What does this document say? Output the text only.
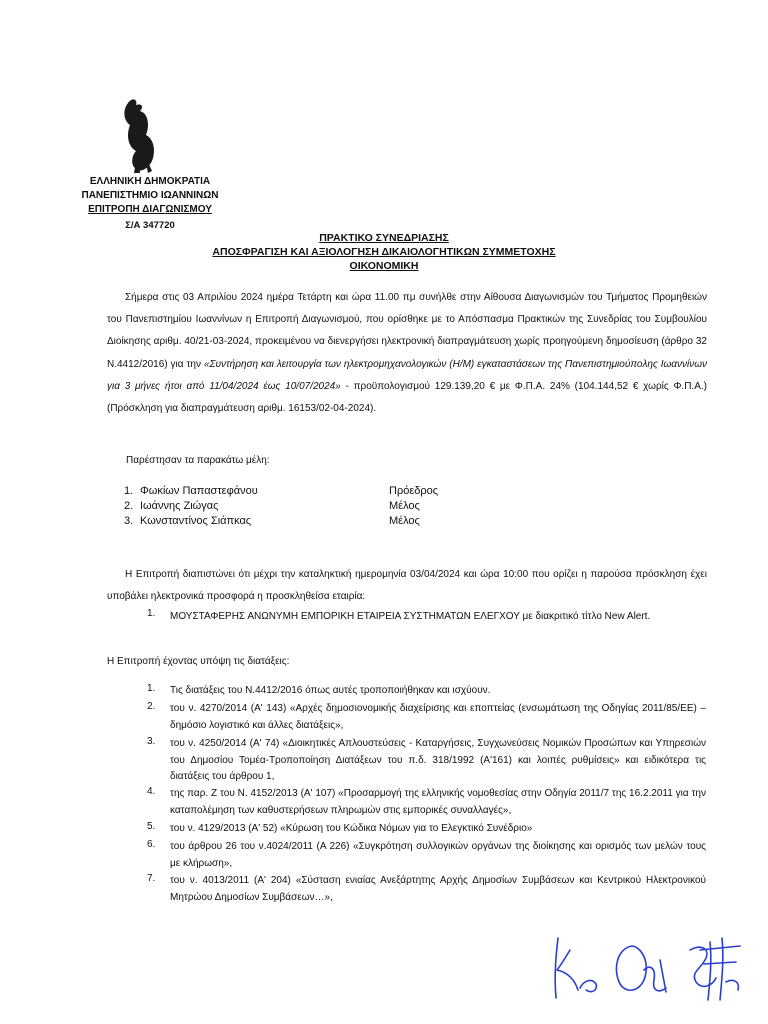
ΕΛΛΗΝΙΚΗ ΔΗΜΟΚΡΑΤΙΑ
ΠΑΝΕΠΙΣΤΗΜΙΟ ΙΩΑΝΝΙΝΩΝ
ΕΠΙΤΡΟΠΗ ΔΙΑΓΩΝΙΣΜΟΥ
Σ/Α 347720
ΠΡΑΚΤΙΚΟ ΣΥΝΕΔΡΙΑΣΗΣ
ΑΠΟΣΦΡΑΓΙΣΗ ΚΑΙ ΑΞΙΟΛΟΓΗΣΗ ΔΙΚΑΙΟΛΟΓΗΤΙΚΩΝ ΣΥΜΜΕΤΟΧΗΣ
ΟΙΚΟΝΟΜΙΚΗ
Σήμερα στις 03 Απριλίου 2024 ημέρα Τετάρτη και ώρα 11.00 πμ συνήλθε στην Αίθουσα Διαγωνισμών του Τμήματος Προμηθειών του Πανεπιστημίου Ιωαννίνων η Επιτροπή Διαγωνισμού, που ορίσθηκε με το Απόσπασμα Πρακτικών της Συνεδρίας του Συμβουλίου Διοίκησης αριθμ. 40/21-03-2024, προκειμένου να διενεργήσει ηλεκτρονική διαπραγμάτευση χωρίς προηγούμενη δημοσίευση (άρθρο 32 Ν.4412/2016) για την «Συντήρηση και λειτουργία των ηλεκτρομηχανολογικών (Η/Μ) εγκαταστάσεων της Πανεπιστημιούπολης Ιωαννίνων για 3 μήνες ήτοι από 11/04/2024 έως 10/07/2024» - προϋπολογισμού 129.139,20 € με Φ.Π.Α. 24% (104.144,52 € χωρίς Φ.Π.Α.) (Πρόσκληση για διαπραγμάτευση αριθμ. 16153/02-04-2024).
Παρέστησαν τα παρακάτω μέλη:
1. Φωκίων Παπαστεφάνου	Πρόεδρος
2. Ιωάννης Ζιώγας	Μέλος
3. Κωνσταντίνος Σιάπκας	Μέλος
Η Επιτροπή διαπιστώνει ότι μέχρι την καταληκτική ημερομηνία 03/04/2024 και ώρα 10:00 που ορίζει η παρούσα πρόσκληση έχει υποβάλει ηλεκτρονικά προσφορά η προσκληθείσα εταιρία:
1. ΜΟΥΣΤΑΦΕΡΗΣ ΑΝΩΝΥΜΗ ΕΜΠΟΡΙΚΗ ΕΤΑΙΡΕΙΑ ΣΥΣΤΗΜΑΤΩΝ ΕΛΕΓΧΟΥ με διακριτικό τίτλο New Alert.
Η Επιτροπή έχοντας υπόψη τις διατάξεις:
1. Τις διατάξεις του Ν.4412/2016 όπως αυτές τροποποιήθηκαν και ισχύουν.
2. του ν. 4270/2014 (Α' 143) «Αρχές δημοσιονομικής διαχείρισης και εποπτείας (ενσωμάτωση της Οδηγίας 2011/85/ΕΕ) – δημόσιο λογιστικό και άλλες διατάξεις»,
3. του ν. 4250/2014 (Α' 74) «Διοικητικές Απλουστεύσεις - Καταργήσεις, Συγχωνεύσεις Νομικών Προσώπων και Υπηρεσιών του Δημοσίου Τομέα-Τροποποίηση Διατάξεων του π.δ. 318/1992 (Α'161) και λοιπές ρυθμίσεις» και ειδικότερα τις διατάξεις του άρθρου 1,
4. της παρ. Ζ του Ν. 4152/2013 (Α' 107) «Προσαρμογή της ελληνικής νομοθεσίας στην Οδηγία 2011/7 της 16.2.2011 για την καταπολέμηση των καθυστερήσεων πληρωμών στις εμπορικές συναλλαγές»,
5. του ν. 4129/2013 (Α' 52) «Κύρωση του Κώδικα Νόμων για το Ελεγκτικό Συνέδριο»
6. του άρθρου 26 του ν.4024/2011 (Α 226) «Συγκρότηση συλλογικών οργάνων της διοίκησης και ορισμός των μελών τους με κλήρωση»,
7. του ν. 4013/2011 (Α' 204) «Σύσταση ενιαίας Ανεξάρτητης Αρχής Δημοσίων Συμβάσεων και Κεντρικού Ηλεκτρονικού Μητρώου Δημοσίων Συμβάσεων…»,
